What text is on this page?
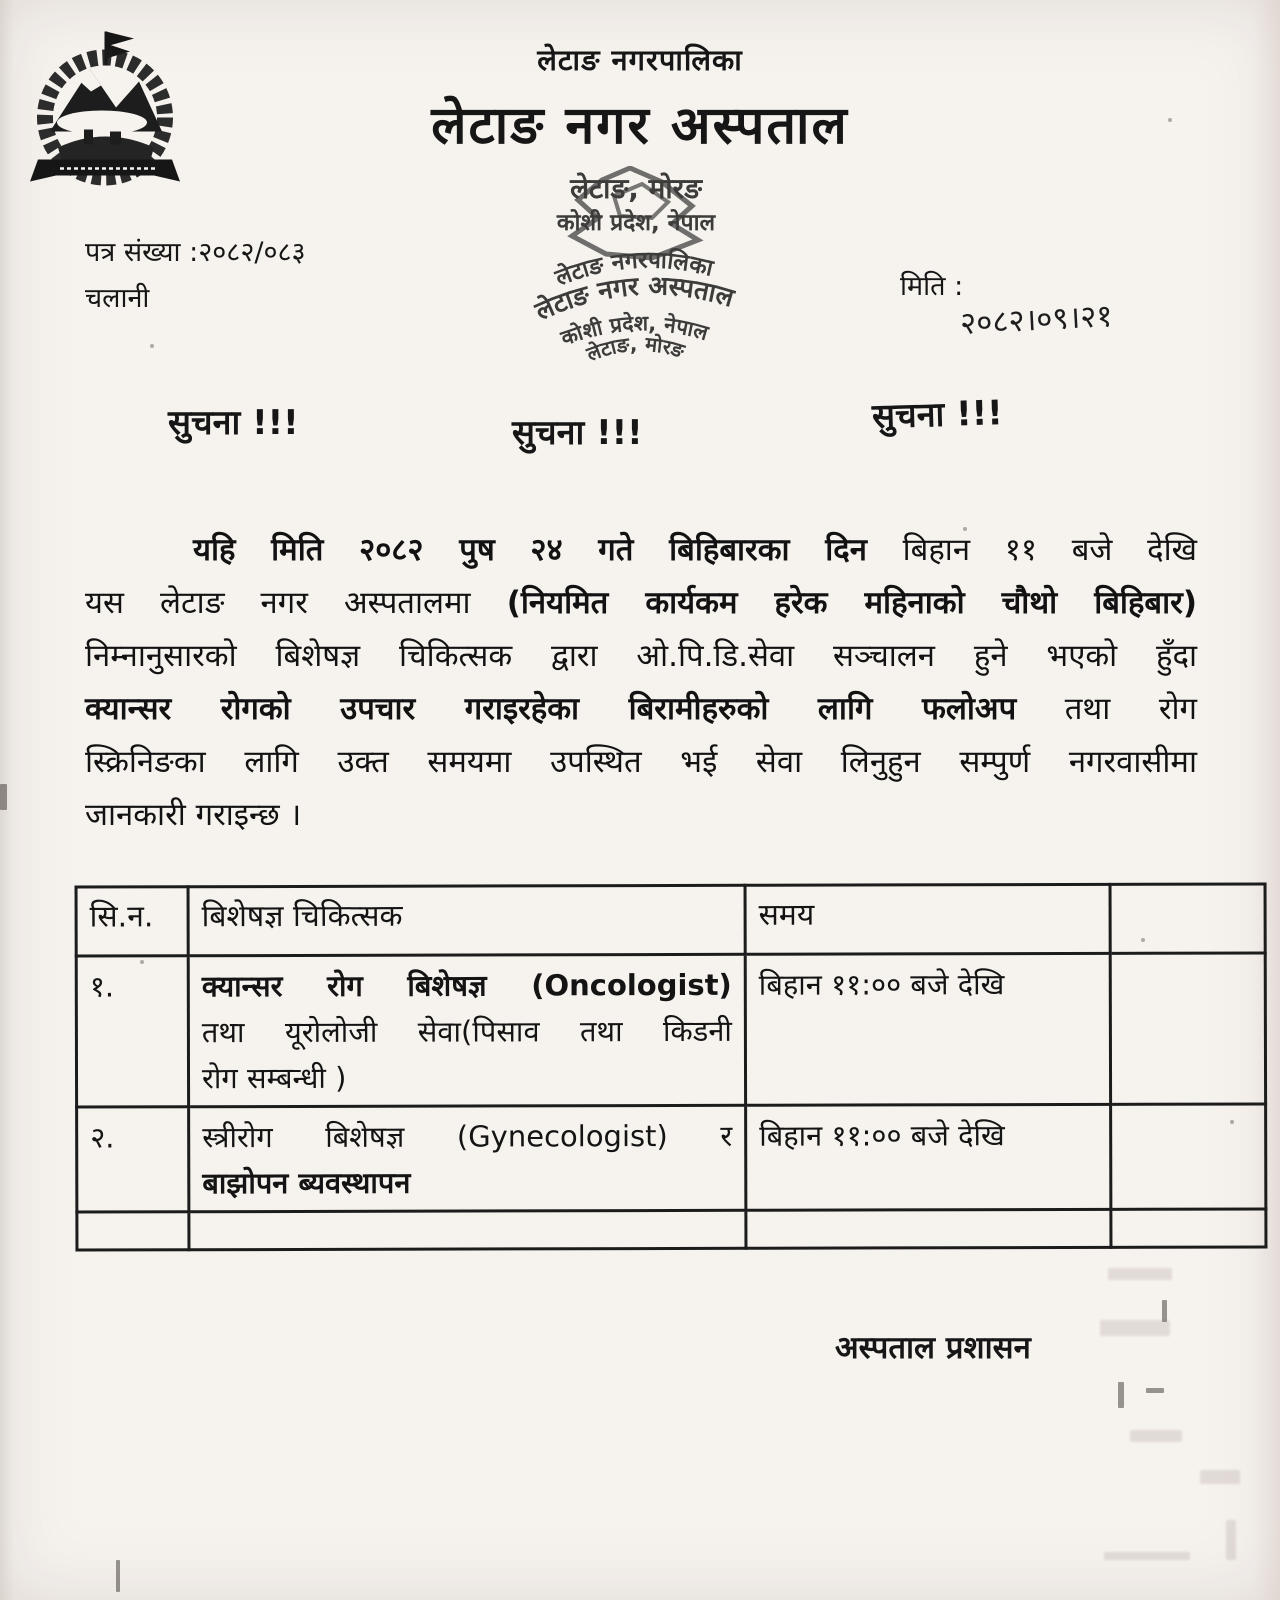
लेटाङ नगरपालिका
लेटाङ नगर अस्पताल
पत्र संख्या :२०८२/०८३
चलानी
लेटाङ, मोरङ
कोशी प्रदेश, नेपाल
लेटाङ नगरपालिका
लेटाङ नगर अस्पताल
कोशी प्रदेश, नेपाल
लेटाङ, मोरङ
मिति :
२०८२।०९।२१
सुचना !!!	सुचना !!!	सुचना !!!
यहि मिति २०८२ पुष २४ गते बिहिबारका दिन बिहान ११ बजे देखि
यस लेटाङ नगर अस्पतालमा (नियमित कार्यकम हरेक महिनाको चौथो बिहिबार)
निम्नानुसारको बिशेषज्ञ चिकित्सक द्वारा ओ.पि.डि.सेवा सञ्चालन हुने भएको हुँदा
क्यान्सर रोगको उपचार गराइरहेका बिरामीहरुको लागि फलोअप तथा रोग
स्क्रिनिङका लागि उक्त समयमा उपस्थित भई सेवा लिनुहुन सम्पुर्ण नगरवासीमा
जानकारी गराइन्छ ।
सि.न.	बिशेषज्ञ चिकित्सक	समय	
१.	क्यान्सर रोग बिशेषज्ञ (Oncologist)
तथा यूरोलोजी सेवा(पिसाव तथा किडनी
रोग सम्बन्धी )	बिहान ११:०० बजे देखि	
२.	स्त्रीरोग बिशेषज्ञ (Gynecologist) र
बाझोपन ब्यवस्थापन	बिहान ११:०० बजे देखि	

अस्पताल प्रशासन
